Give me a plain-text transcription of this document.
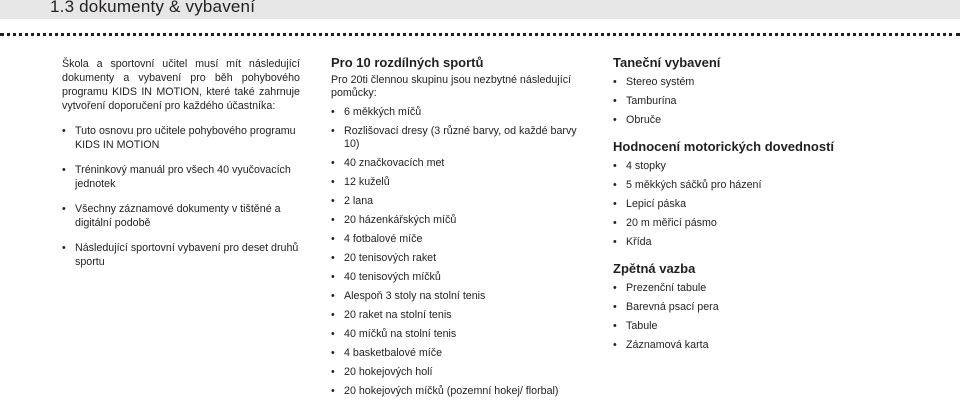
1.3 dokumenty & vybavení

Škola a sportovní učitel musí mít následující dokumenty a vybavení pro běh pohybového programu KIDS IN MOTION, které také zahrnuje vytvoření doporučení pro každého účastníka:

• Tuto osnovu pro učitele pohybového programu KIDS IN MOTION
• Tréninkový manuál pro všech 40 vyučovacích jednotek
• Všechny záznamové dokumenty v tištěné a digitální podobě
• Následující sportovní vybavení pro deset druhů sportu
Pro 10 rozdílných sportů

Pro 20ti člennou skupinu jsou nezbytné následující pomůcky:

• 6 měkkých míčů
• Rozlišovací dresy (3 různé barvy, od každé barvy 10)
• 40 značkovacích met
• 12 kuželů
• 2 lana
• 20 házenkářských míčů
• 4 fotbalové míče
• 20 tenisových raket
• 40 tenisových míčků
• Alespoň 3 stoly na stolní tenis
• 20 raket na stolní tenis
• 40 míčků na stolní tenis
• 4 basketbalové míče
• 20 hokejových holí
• 20 hokejových míčků (pozemní hokej/ florbal)
Taneční vybavení
• Stereo systém
• Tamburína
• Obruče
Hodnocení motorických dovedností
• 4 stopky
• 5 měkkých sáčků pro házení
• Lepicí páska
• 20 m měřicí pásmo
• Křída
Zpětná vazba
• Prezenční tabule
• Barevná psací pera
• Tabule
• Záznamová karta
